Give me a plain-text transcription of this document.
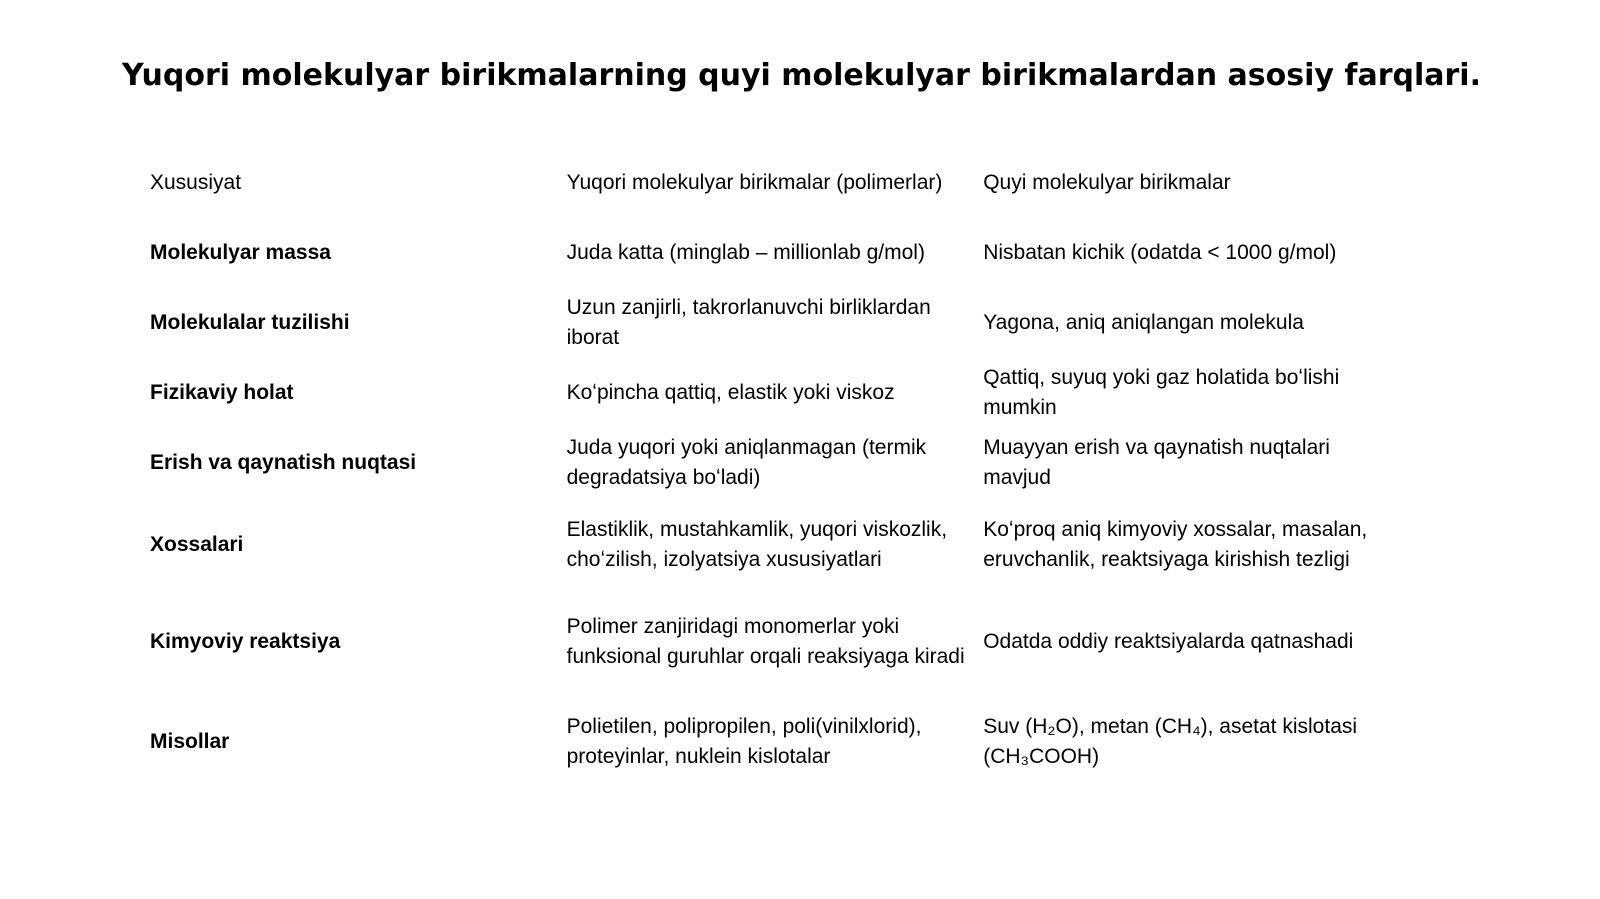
Yuqori molekulyar birikmalarning quyi molekulyar birikmalardan asosiy farqlari.
Xususiyat	Yuqori molekulyar birikmalar (polimerlar)	Quyi molekulyar birikmalar
Molekulyar massa	Juda katta (minglab – millionlab g/mol)	Nisbatan kichik (odatda < 1000 g/mol)
Molekulalar tuzilishi	Uzun zanjirli, takrorlanuvchi birliklardan iborat	Yagona, aniq aniqlangan molekula
Fizikaviy holat	Koʻpincha qattiq, elastik yoki viskoz	Qattiq, suyuq yoki gaz holatida boʻlishi mumkin
Erish va qaynatish nuqtasi	Juda yuqori yoki aniqlanmagan (termik degradatsiya boʻladi)	Muayyan erish va qaynatish nuqtalari mavjud
Xossalari	Elastiklik, mustahkamlik, yuqori viskozlik, choʻzilish, izolyatsiya xususiyatlari	Koʻproq aniq kimyoviy xossalar, masalan, eruvchanlik, reaktsiyaga kirishish tezligi
Kimyoviy reaktsiya	Polimer zanjiridagi monomerlar yoki funksional guruhlar orqali reaksiyaga kiradi	Odatda oddiy reaktsiyalarda qatnashadi
Misollar	Polietilen, polipropilen, poli(vinilxlorid), proteyinlar, nuklein kislotalar	Suv (H₂O), metan (CH₄), asetat kislotasi (CH₃COOH)
